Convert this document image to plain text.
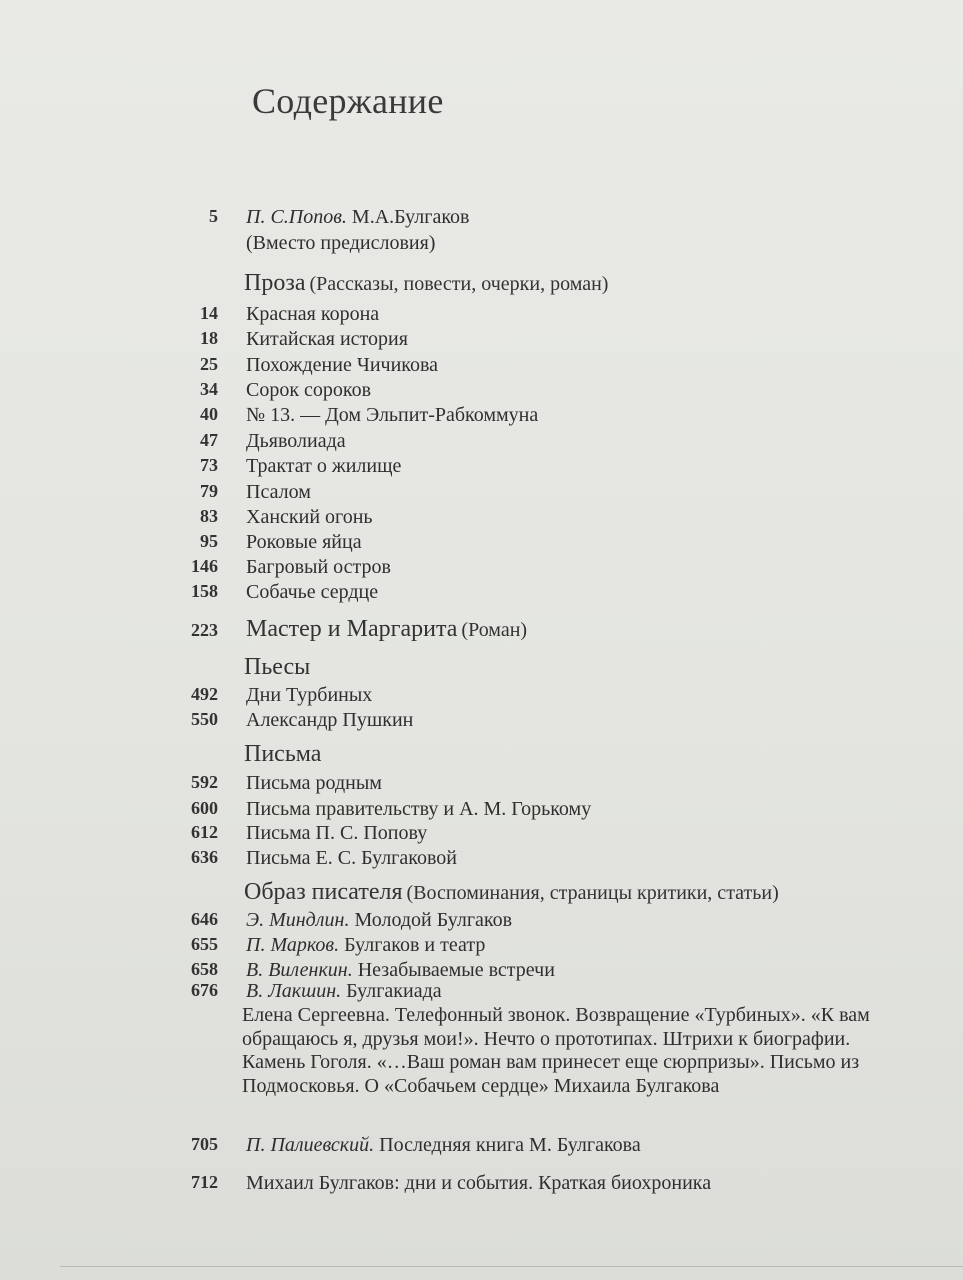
Содержание
5 П. С.Попов. М.А.Булгаков
(Вместо предисловия)
Проза (Рассказы, повести, очерки, роман)
14 Красная корона
18 Китайская история
25 Похождение Чичикова
34 Сорок сороков
40 № 13. — Дом Эльпит-Рабкоммуна
47 Дьяволиада
73 Трактат о жилище
79 Псалом
83 Ханский огонь
95 Роковые яйца
146 Багровый остров
158 Собачье сердце
223 Мастер и Маргарита (Роман)
Пьесы
492 Дни Турбиных
550 Александр Пушкин
Письма
592 Письма родным
600 Письма правительству и А. М. Горькому
612 Письма П. С. Попову
636 Письма Е. С. Булгаковой
Образ писателя (Воспоминания, страницы критики, статьи)
646 Э. Миндлин. Молодой Булгаков
655 П. Марков. Булгаков и театр
658 В. Виленкин. Незабываемые встречи
676 В. Лакшин. Булгакиада
Елена Сергеевна. Телефонный звонок. Возвращение «Турбиных». «К вам обращаюсь я, друзья мои!». Нечто о прототипах. Штрихи к биографии. Камень Гоголя. «…Ваш роман вам принесет еще сюрпризы». Письмо из Подмосковья. О «Собачьем сердце» Михаила Булгакова
705 П. Палиевский. Последняя книга М. Булгакова
712 Михаил Булгаков: дни и события. Краткая биохроника
